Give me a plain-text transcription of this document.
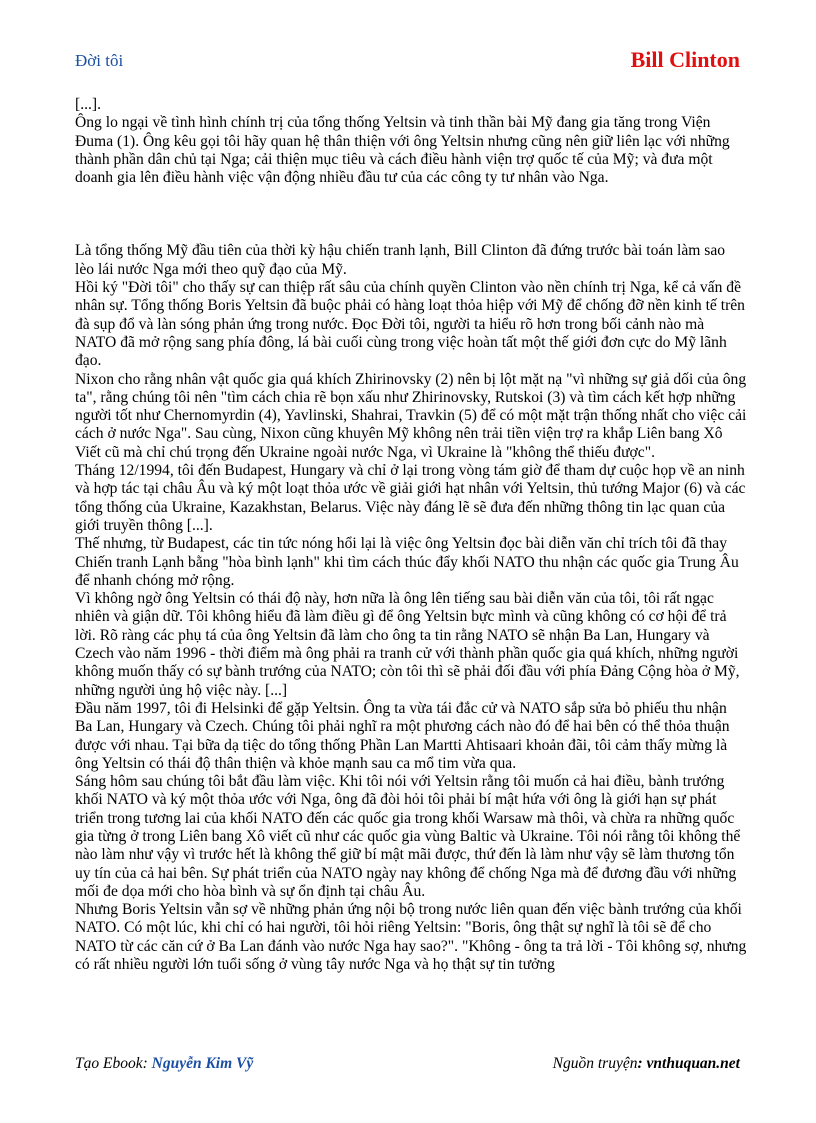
Đời tôi	Bill Clinton

[...].

Ông lo ngại về tình hình chính trị của tổng thống Yeltsin và tinh thần bài Mỹ đang gia tăng trong Viện Đuma (1). Ông kêu gọi tôi hãy quan hệ thân thiện với ông Yeltsin nhưng cũng nên giữ liên lạc với những thành phần dân chủ tại Nga; cải thiện mục tiêu và cách điều hành viện trợ quốc tế của Mỹ; và đưa một doanh gia lên điều hành việc vận động nhiều đầu tư của các công ty tư nhân vào Nga.

Là tổng thống Mỹ đầu tiên của thời kỳ hậu chiến tranh lạnh, Bill Clinton đã đứng trước bài toán làm sao lèo lái nước Nga mới theo quỹ đạo của Mỹ.

Hồi ký "Đời tôi" cho thấy sự can thiệp rất sâu của chính quyền Clinton vào nền chính trị Nga, kể cả vấn đề nhân sự. Tổng thống Boris Yeltsin đã buộc phải có hàng loạt thỏa hiệp với Mỹ để chống đỡ nền kinh tế trên đà sụp đổ và làn sóng phản ứng trong nước. Đọc Đời tôi, người ta hiểu rõ hơn trong bối cảnh nào mà NATO đã mở rộng sang phía đông, lá bài cuối cùng trong việc hoàn tất một thế giới đơn cực do Mỹ lãnh đạo.

Nixon cho rằng nhân vật quốc gia quá khích Zhirinovsky (2) nên bị lột mặt nạ "vì những sự giả dối của ông ta", rằng chúng tôi nên "tìm cách chia rẽ bọn xấu như Zhirinovsky, Rutskoi (3) và tìm cách kết hợp những người tốt như Chernomyrdin (4), Yavlinski, Shahrai, Travkin (5) để có một mặt trận thống nhất cho việc cải cách ở nước Nga". Sau cùng, Nixon cũng khuyên Mỹ không nên trải tiền viện trợ ra khắp Liên bang Xô Viết cũ mà chỉ chú trọng đến Ukraine ngoài nước Nga, vì Ukraine là "không thể thiếu được".

Tháng 12/1994, tôi đến Budapest, Hungary và chỉ ở lại trong vòng tám giờ để tham dự cuộc họp về an ninh và hợp tác tại châu Âu và ký một loạt thỏa ước về giải giới hạt nhân với Yeltsin, thủ tướng Major (6) và các tổng thống của Ukraine, Kazakhstan, Belarus. Việc này đáng lẽ sẽ đưa đến những thông tin lạc quan của giới truyền thông [...].

Thế nhưng, từ Budapest, các tin tức nóng hổi lại là việc ông Yeltsin đọc bài diễn văn chỉ trích tôi đã thay Chiến tranh Lạnh bằng "hòa bình lạnh" khi tìm cách thúc đẩy khối NATO thu nhận các quốc gia Trung Âu để nhanh chóng mở rộng.

Vì không ngờ ông Yeltsin có thái độ này, hơn nữa là ông lên tiếng sau bài diễn văn của tôi, tôi rất ngạc nhiên và giận dữ. Tôi không hiểu đã làm điều gì để ông Yeltsin bực mình và cũng không có cơ hội để trả lời. Rõ ràng các phụ tá của ông Yeltsin đã làm cho ông ta tin rằng NATO sẽ nhận Ba Lan, Hungary và Czech vào năm 1996 - thời điểm mà ông phải ra tranh cử với thành phần quốc gia quá khích, những người không muốn thấy có sự bành trướng của NATO; còn tôi thì sẽ phải đối đầu với phía Đảng Cộng hòa ở Mỹ, những người ủng hộ việc này. [...]

Đầu năm 1997, tôi đi Helsinki để gặp Yeltsin. Ông ta vừa tái đắc cử và NATO sắp sửa bỏ phiếu thu nhận Ba Lan, Hungary và Czech. Chúng tôi phải nghĩ ra một phương cách nào đó để hai bên có thể thỏa thuận được với nhau. Tại bữa dạ tiệc do tổng thống Phần Lan Martti Ahtisaari khoản đãi, tôi cảm thấy mừng là ông Yeltsin có thái độ thân thiện và khỏe mạnh sau ca mổ tim vừa qua.

Sáng hôm sau chúng tôi bắt đầu làm việc. Khi tôi nói với Yeltsin rằng tôi muốn cả hai điều, bành trướng khối NATO và ký một thỏa ước với Nga, ông đã đòi hỏi tôi phải bí mật hứa với ông là giới hạn sự phát triển trong tương lai của khối NATO đến các quốc gia trong khối Warsaw mà thôi, và chừa ra những quốc gia từng ở trong Liên bang Xô viết cũ như các quốc gia vùng Baltic và Ukraine. Tôi nói rằng tôi không thể nào làm như vậy vì trước hết là không thể giữ bí mật mãi được, thứ đến là làm như vậy sẽ làm thương tổn uy tín của cả hai bên. Sự phát triển của NATO ngày nay không để chống Nga mà để đương đầu với những mối đe dọa mới cho hòa bình và sự ổn định tại châu Âu.

Nhưng Boris Yeltsin vẫn sợ về những phản ứng nội bộ trong nước liên quan đến việc bành trướng của khối NATO. Có một lúc, khi chỉ có hai người, tôi hỏi riêng Yeltsin: "Boris, ông thật sự nghĩ là tôi sẽ để cho NATO từ các căn cứ ở Ba Lan đánh vào nước Nga hay sao?". "Không - ông ta trả lời - Tôi không sợ, nhưng có rất nhiều người lớn tuổi sống ở vùng tây nước Nga và họ thật sự tin tưởng

Tạo Ebook: Nguyễn Kim Vỹ	Nguồn truyện: vnthuquan.net
